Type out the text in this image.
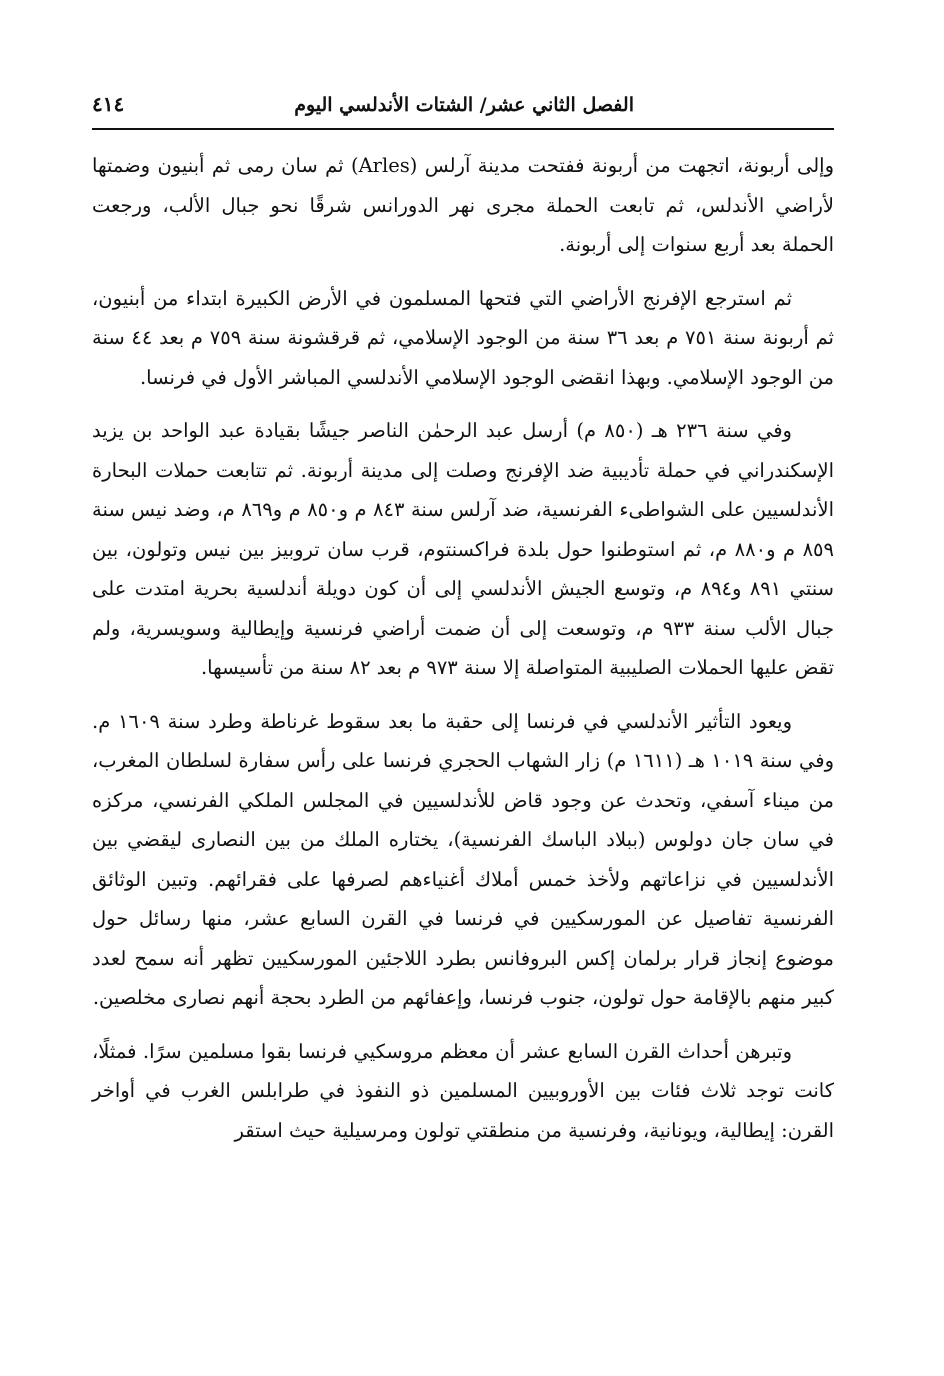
الفصل الثاني عشر/ الشتات الأندلسي اليوم
٤١٤

وإلى أربونة، اتجهت من أربونة ففتحت مدينة آرلس (Arles) ثم سان رمى ثم أبنيون وضمتها لأراضي الأندلس، ثم تابعت الحملة مجرى نهر الدورانس شرقًا نحو جبال الألب، ورجعت الحملة بعد أربع سنوات إلى أربونة.

ثم استرجع الإفرنج الأراضي التي فتحها المسلمون في الأرض الكبيرة ابتداء من أبنيون، ثم أربونة سنة ٧٥١ م بعد ٣٦ سنة من الوجود الإسلامي، ثم قرقشونة سنة ٧٥٩ م بعد ٤٤ سنة من الوجود الإسلامي. وبهذا انقضى الوجود الإسلامي الأندلسي المباشر الأول في فرنسا.

وفي سنة ٢٣٦ هـ (٨٥٠ م) أرسل عبد الرحمٰن الناصر جيشًا بقيادة عبد الواحد بن يزيد الإسكندراني في حملة تأديبية ضد الإفرنج وصلت إلى مدينة أربونة. ثم تتابعت حملات البحارة الأندلسيين على الشواطىء الفرنسية، ضد آرلس سنة ٨٤٣ م و٨٥٠ م و٨٦٩ م، وضد نيس سنة ٨٥٩ م و٨٨٠ م، ثم استوطنوا حول بلدة فراكسنتوم، قرب سان تروبيز بين نيس وتولون، بين سنتي ٨٩١ و٨٩٤ م، وتوسع الجيش الأندلسي إلى أن كون دويلة أندلسية بحرية امتدت على جبال الألب سنة ٩٣٣ م، وتوسعت إلى أن ضمت أراضي فرنسية وإيطالية وسويسرية، ولم تقض عليها الحملات الصليبية المتواصلة إلا سنة ٩٧٣ م بعد ٨٢ سنة من تأسيسها.

ويعود التأثير الأندلسي في فرنسا إلى حقبة ما بعد سقوط غرناطة وطرد سنة ١٦٠٩ م. وفي سنة ١٠١٩ هـ (١٦١١ م) زار الشهاب الحجري فرنسا على رأس سفارة لسلطان المغرب، من ميناء آسفي، وتحدث عن وجود قاض للأندلسيين في المجلس الملكي الفرنسي، مركزه في سان جان دولوس (ببلاد الباسك الفرنسية)، يختاره الملك من بين النصارى ليقضي بين الأندلسيين في نزاعاتهم ولأخذ خمس أملاك أغنياءهم لصرفها على فقرائهم. وتبين الوثائق الفرنسية تفاصيل عن المورسكيين في فرنسا في القرن السابع عشر، منها رسائل حول موضوع إنجاز قرار برلمان إكس البروفانس بطرد اللاجئين المورسكيين تظهر أنه سمح لعدد كبير منهم بالإقامة حول تولون، جنوب فرنسا، وإعفائهم من الطرد بحجة أنهم نصارى مخلصين.

وتبرهن أحداث القرن السابع عشر أن معظم مروسكيي فرنسا بقوا مسلمين سرًا. فمثلًا، كانت توجد ثلاث فئات بين الأوروبيين المسلمين ذو النفوذ في طرابلس الغرب في أواخر القرن: إيطالية، ويونانية، وفرنسية من منطقتي تولون ومرسيلية حيث استقر
